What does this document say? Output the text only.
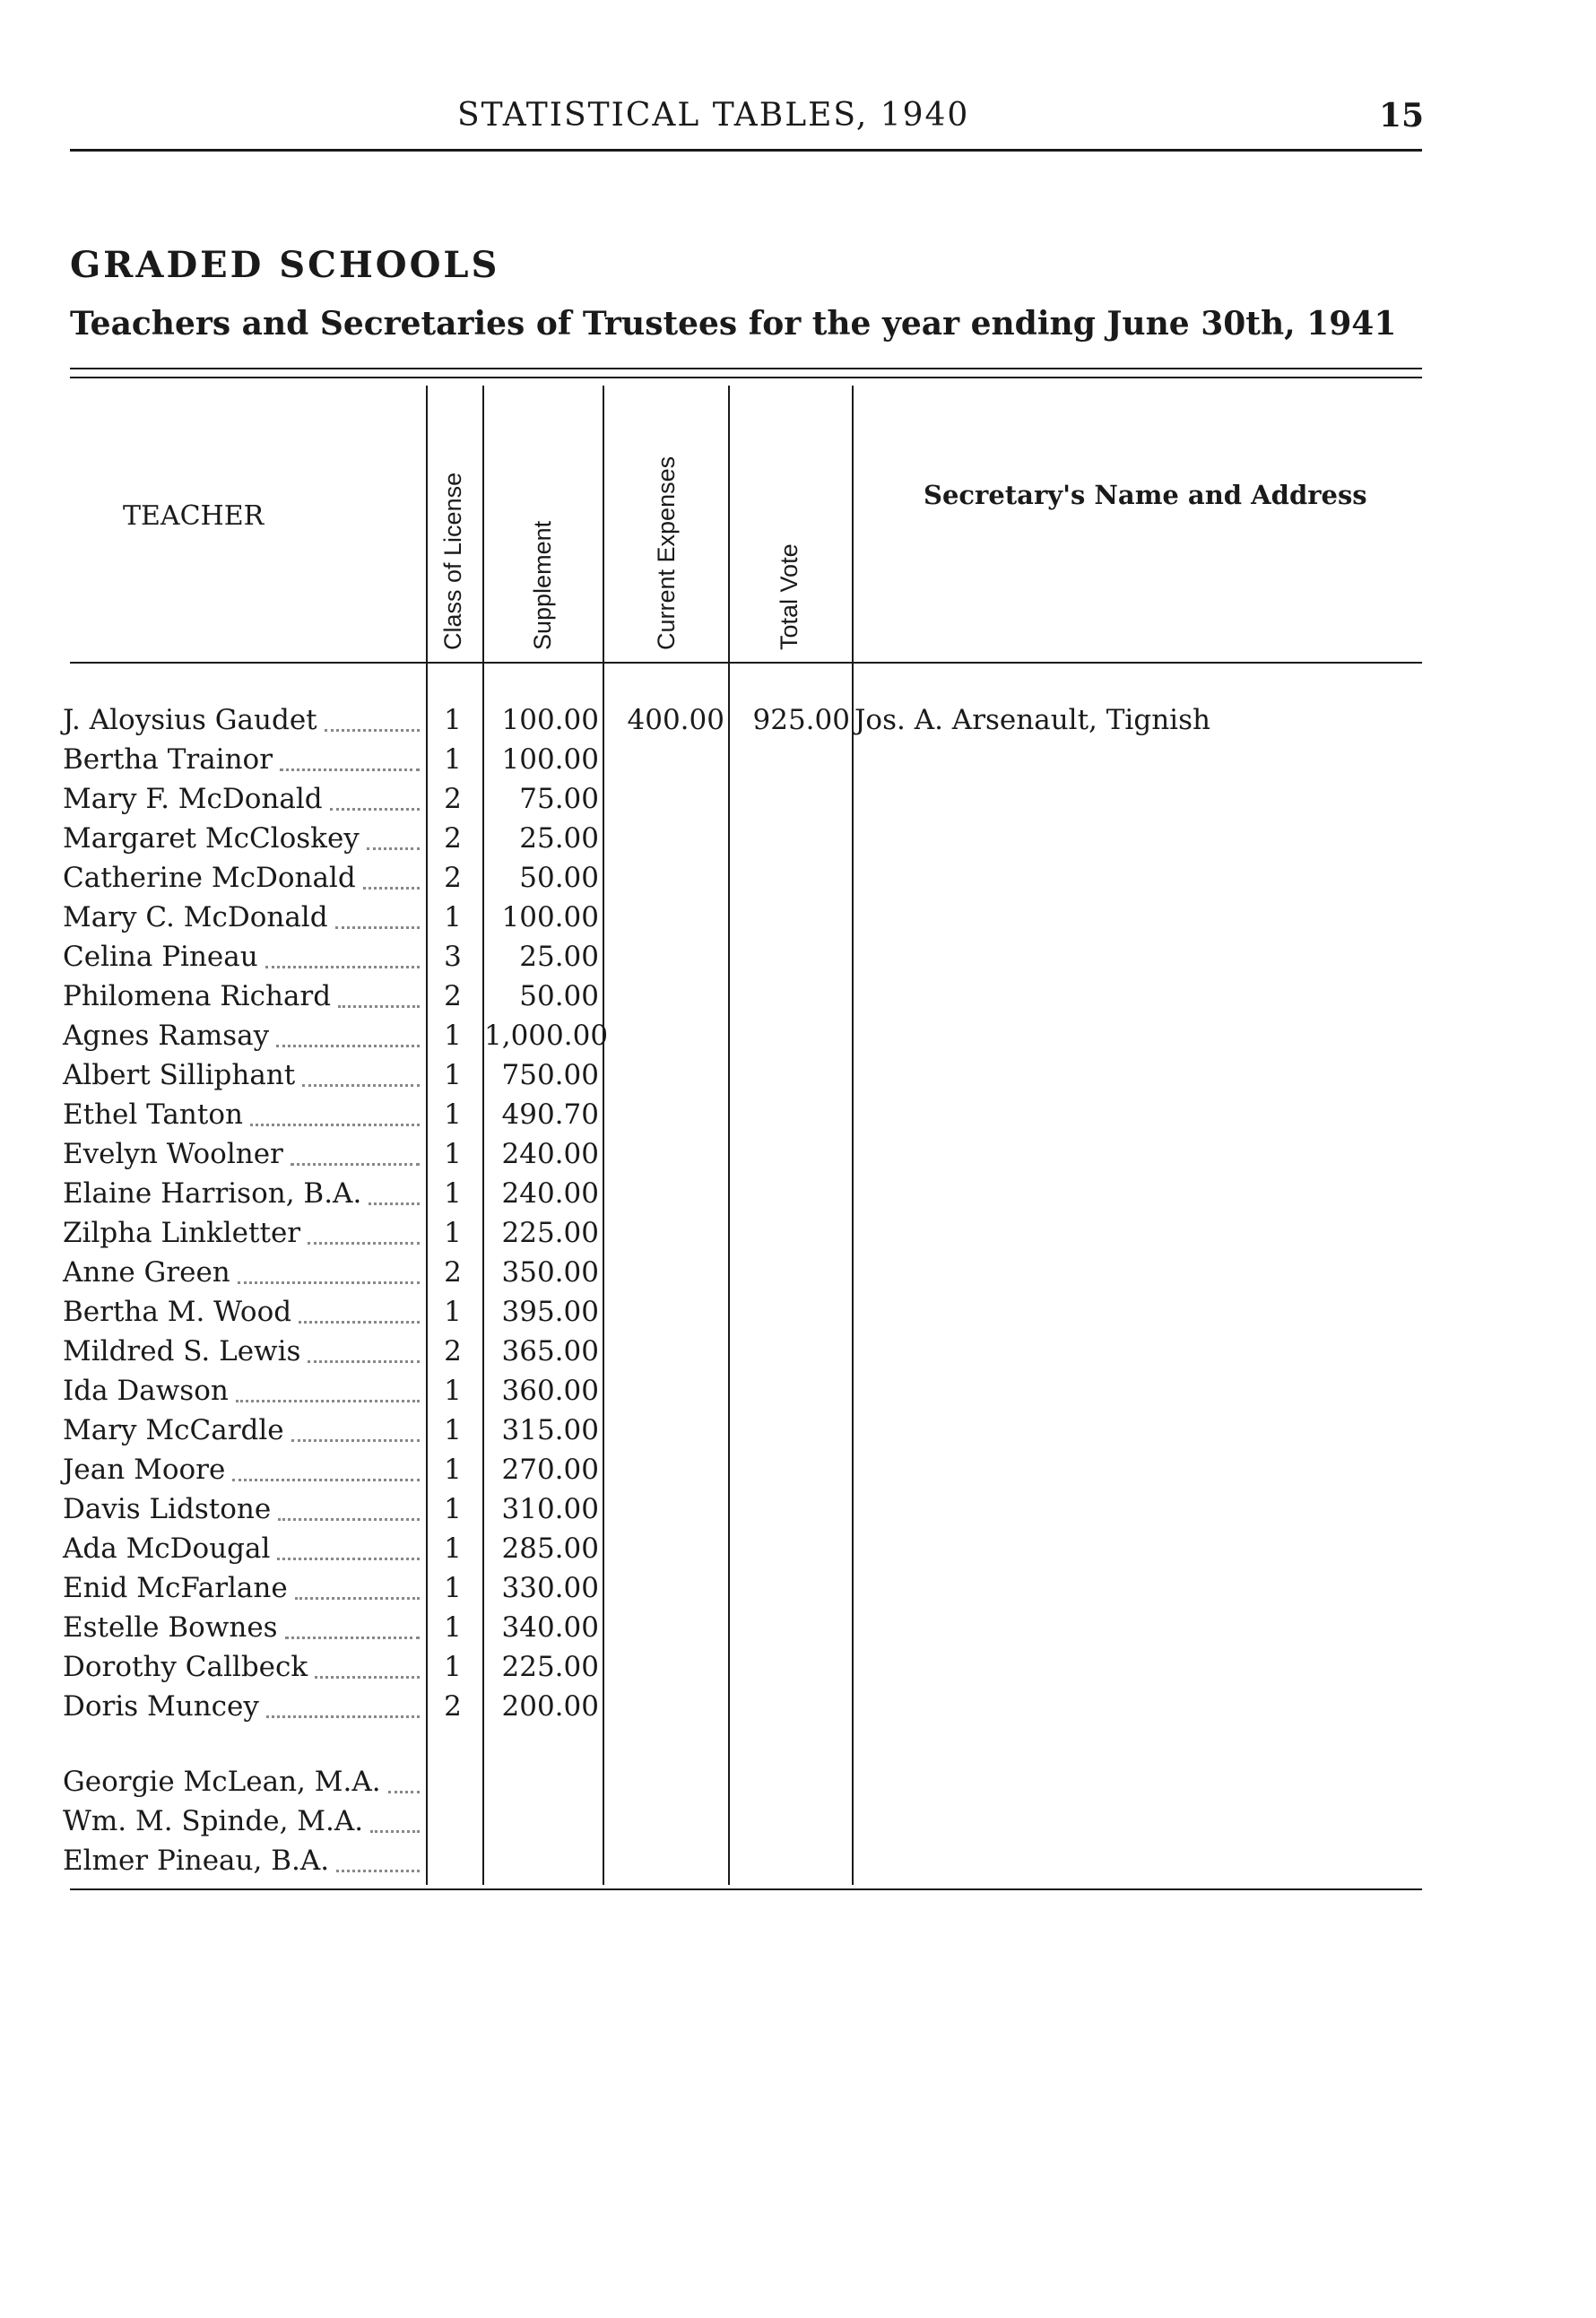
STATISTICAL TABLES, 1940	15
GRADED SCHOOLS
Teachers and Secretaries of Trustees for the year ending June 30th, 1941
TEACHER	Class of License	Supplement	Current Expenses	Total Vote
Secretary's Name and Address
J. Aloysius Gaudet	1	100.00	400.00	925.00 Jos. A. Arsenault, Tignish
Bertha Trainor	1	100.00
Mary F. McDonald	2	75.00
Margaret McCloskey	2	25.00
Catherine McDonald	2	50.00
Mary C. McDonald	1	100.00
Celina Pineau	3	25.00
Philomena Richard	2	50.00
Agnes Ramsay	1 1,000.00
Albert Silliphant	1	750.00
Ethel Tanton	1	490.70
Evelyn Woolner	1	240.00
Elaine Harrison, B.A.	1	240.00
Zilpha Linkletter	1	225.00
Anne Green	2	350.00
Bertha M. Wood	1	395.00
Mildred S. Lewis	2	365.00
Ida Dawson	1	360.00
Mary McCardle	1	315.00
Jean Moore	1	270.00
Davis Lidstone	1	310.00
Ada McDougal	1	285.00
Enid McFarlane	1	330.00
Estelle Bownes	1	340.00
Dorothy Callbeck	1	225.00
Doris Muncey	2	200.00
Georgie McLean, M.A.
Wm. M. Spinde, M.A.
Elmer Pineau, B.A.
